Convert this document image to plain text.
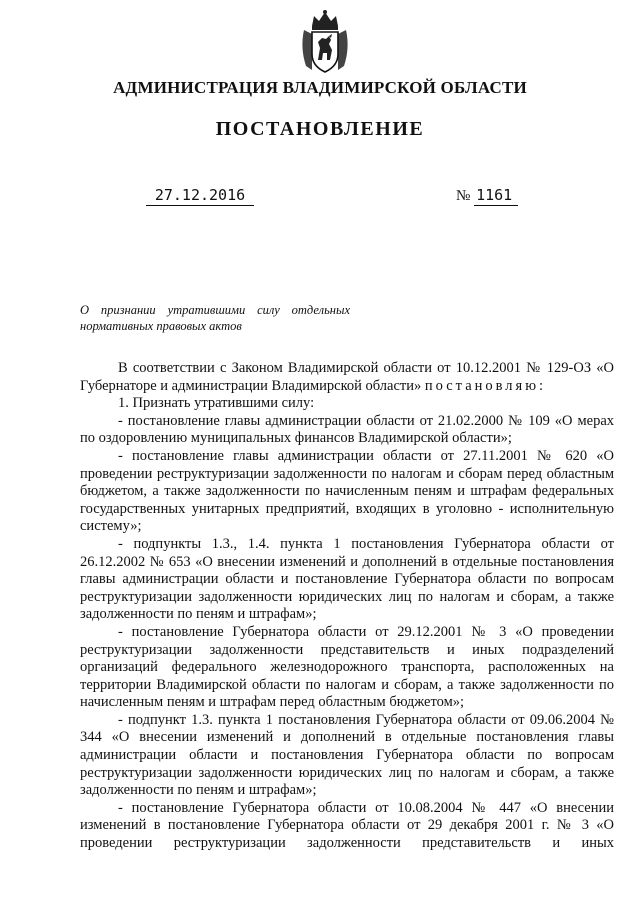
АДМИНИСТРАЦИЯ ВЛАДИМИРСКОЙ ОБЛАСТИ
ПОСТАНОВЛЕНИЕ
27.12.2016	№ 1161
О признании утратившими силу отдельных нормативных правовых актов

В соответствии с Законом Владимирской области от 10.12.2001 № 129-ОЗ «О Губернаторе и администрации Владимирской области» постановляю:

1. Признать утратившими силу:

- постановление главы администрации области от 21.02.2000 № 109 «О мерах по оздоровлению муниципальных финансов Владимирской области»;

- постановление главы администрации области от 27.11.2001 № 620 «О проведении реструктуризации задолженности по налогам и сборам перед областным бюджетом, а также задолженности по начисленным пеням и штрафам федеральных государственных унитарных предприятий, входящих в уголовно - исполнительную систему»;

- подпункты 1.3., 1.4. пункта 1 постановления Губернатора области от 26.12.2002 № 653 «О внесении изменений и дополнений в отдельные постановления главы администрации области и постановление Губернатора области по вопросам реструктуризации задолженности юридических лиц по налогам и сборам, а также задолженности по пеням и штрафам»;

- постановление Губернатора области от 29.12.2001 № 3 «О проведении реструктуризации задолженности представительств и иных подразделений организаций федерального железнодорожного транспорта, расположенных на территории Владимирской области по налогам и сборам, а также задолженности по начисленным пеням и штрафам перед областным бюджетом»;

- подпункт 1.3. пункта 1 постановления Губернатора области от 09.06.2004 № 344 «О внесении изменений и дополнений в отдельные постановления главы администрации области и постановления Губернатора области по вопросам реструктуризации задолженности юридических лиц по налогам и сборам, а также задолженности по пеням и штрафам»;

- постановление Губернатора области от 10.08.2004 № 447 «О внесении изменений в постановление Губернатора области от 29 декабря 2001 г. № 3 «О проведении реструктуризации задолженности представительств и иных
